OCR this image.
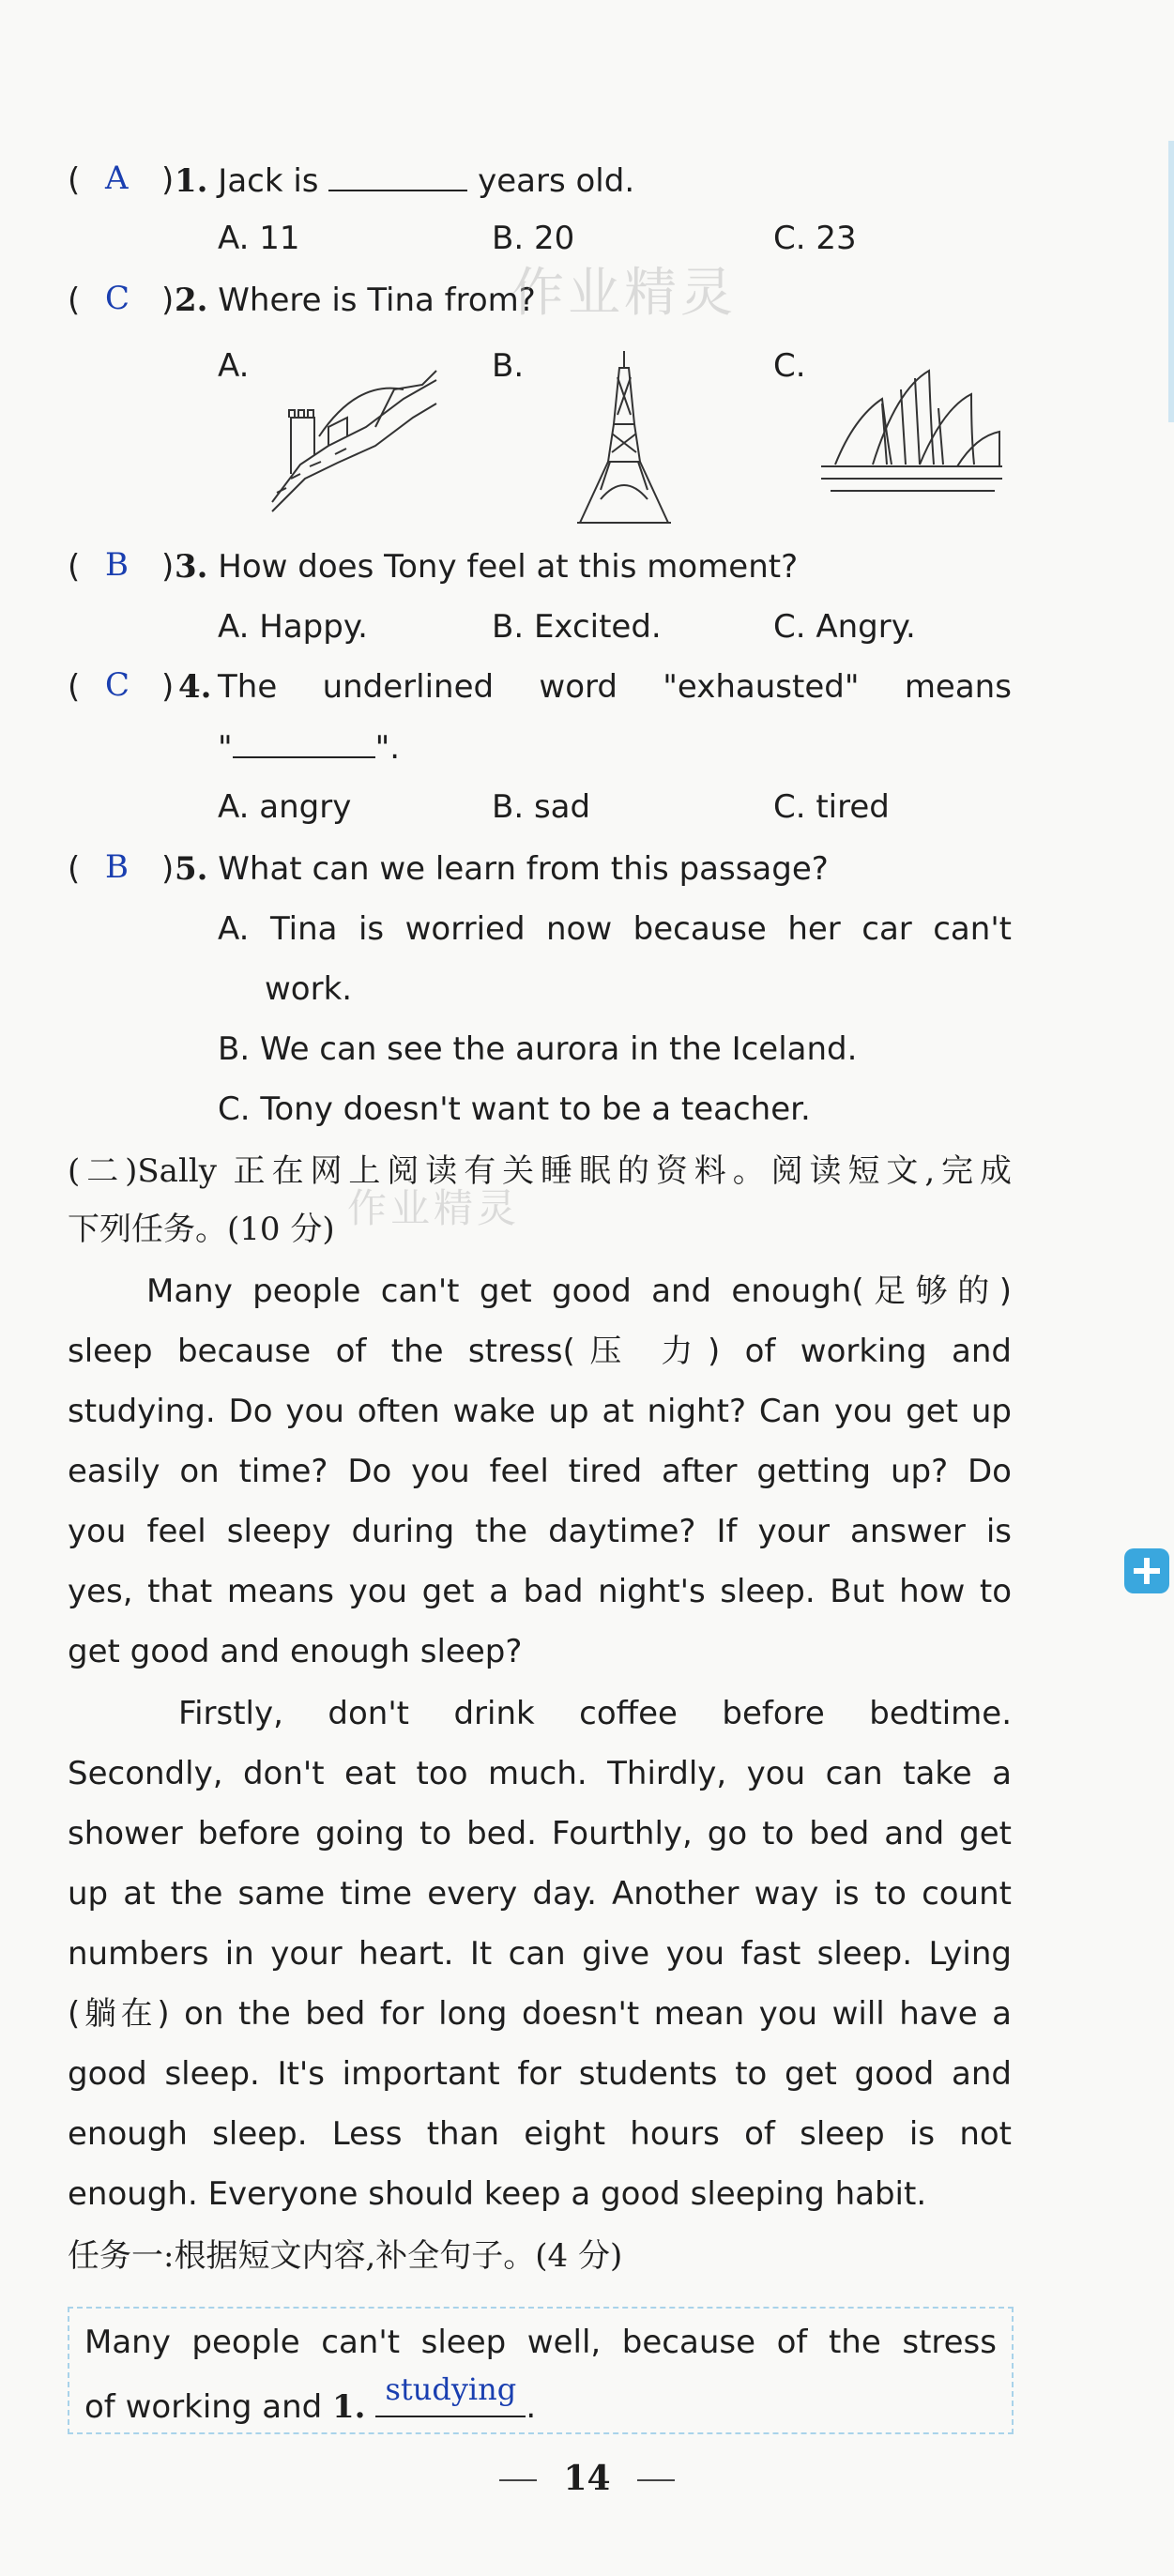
( A ) 1. Jack is	years old.
A. 11	B. 20	C. 23
( C ) 2. Where is Tina from?
A.	B.	C.
( B ) 3. How does Tony feel at this moment?
A. Happy.	B. Excited.	C. Angry.
( C ) 4. The underlined word "exhausted" means
"	".
A. angry	B. sad	C. tired
( B ) 5. What can we learn from this passage?
A. Tina is worried now because her car can't
work.
B. We can see the aurora in the Iceland.
C. Tony doesn't want to be a teacher.
(二)Sally 正在网上阅读有关睡眠的资料。阅读短文,完成
下列任务。(10 分)
Many people can't get good and enough(足够的)
sleep because of the stress(压 力) of working and
studying. Do you often wake up at night? Can you get up
easily on time? Do you feel tired after getting up? Do
you feel sleepy during the daytime? If your answer is
yes, that means you get a bad night's sleep. But how to
get good and enough sleep?
Firstly, don't drink coffee before bedtime.
Secondly, don't eat too much. Thirdly, you can take a
shower before going to bed. Fourthly, go to bed and get
up at the same time every day. Another way is to count
numbers in your heart. It can give you fast sleep. Lying
(躺在) on the bed for long doesn't mean you will have a
good sleep. It's important for students to get good and
enough sleep. Less than eight hours of sleep is not
enough. Everyone should keep a good sleeping habit.
任务一:根据短文内容,补全句子。(4 分)
Many people can't sleep well, because of the stress
of working and 1. studying .
作业精灵
作业精灵
14
